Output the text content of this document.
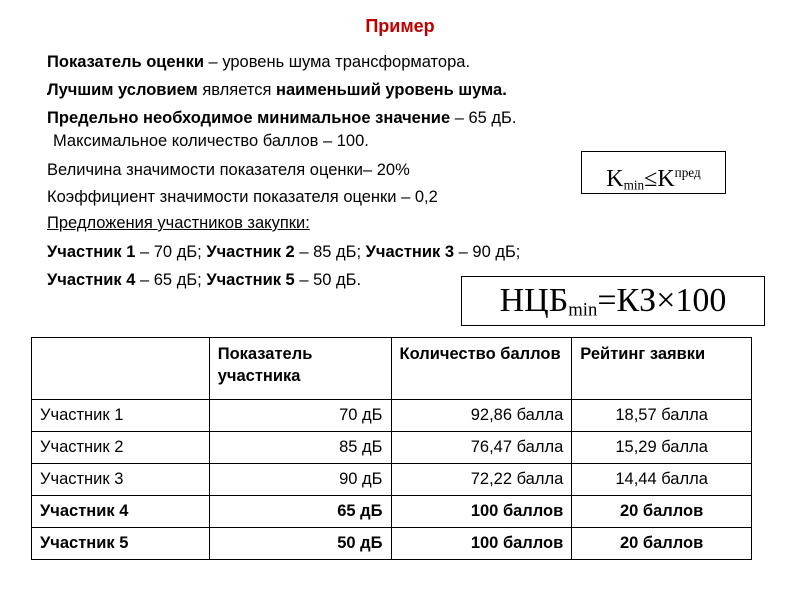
Пример
Показатель оценки – уровень шума трансформатора.
Лучшим условием является наименьший уровень шума.
Предельно необходимое минимальное значение – 65 дБ.
Максимальное количество баллов – 100.
Величина значимости показателя оценки– 20%
Коэффициент значимости показателя оценки – 0,2
Предложения участников закупки:
Участник 1 – 70 дБ; Участник 2 – 85 дБ; Участник 3 – 90 дБ;
Участник 4 – 65 дБ; Участник 5 – 50 дБ.
$K_{min}\le K^{пред}$
$НЦБ_{min}=КЗ\times 100$
	Показатель участника	Количество баллов	Рейтинг заявки
Участник 1	70 дБ	92,86 балла	18,57 балла
Участник 2	85 дБ	76,47 балла	15,29 балла
Участник 3	90 дБ	72,22 балла	14,44 балла
Участник 4	65 дБ	100 баллов	20 баллов
Участник 5	50 дБ	100 баллов	20 баллов
